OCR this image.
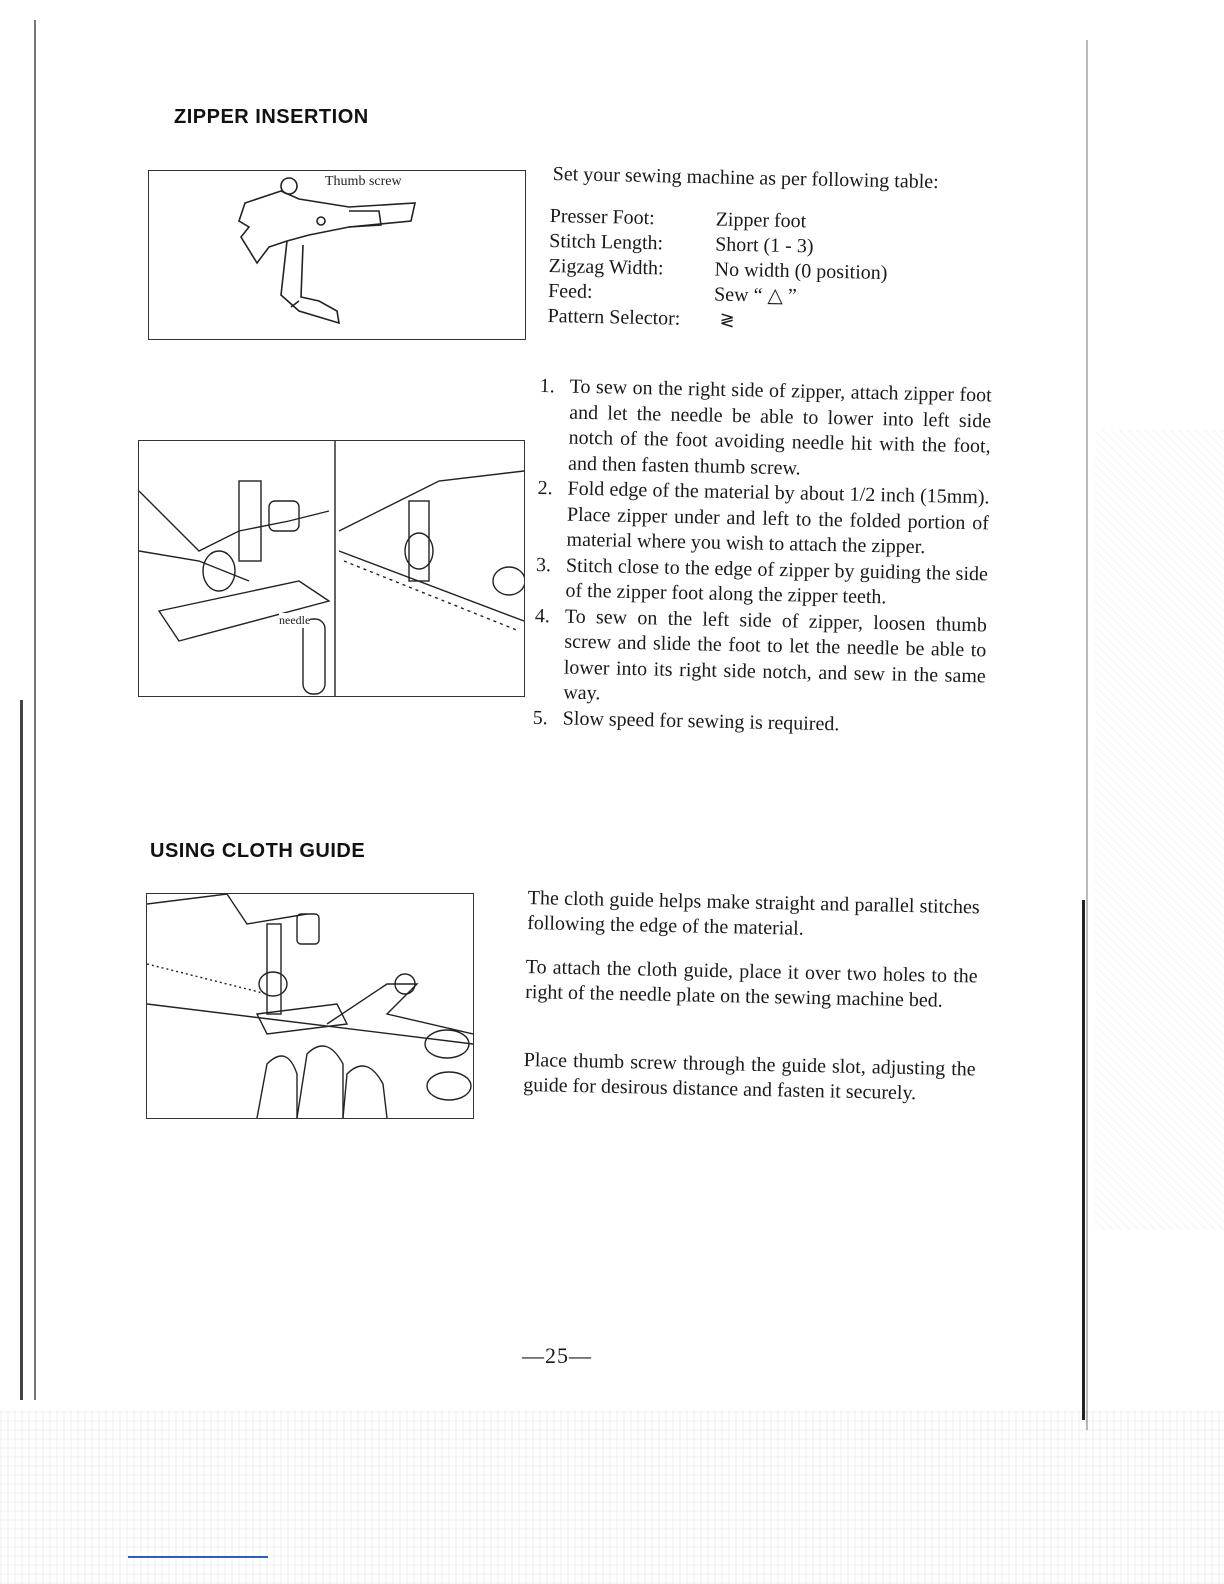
ZIPPER INSERTION
Thumb screw
needle
Set your sewing machine as per following table:
Presser Foot:	Zipper foot
Stitch Length:	Short (1 - 3)
Zigzag Width:	No width (0 position)
Feed:	Sew “ △ ”
Pattern Selector:	≷
1. To sew on the right side of zipper, attach zipper foot and let the needle be able to lower into left side notch of the foot avoiding needle hit with the foot, and then fasten thumb screw.
2. Fold edge of the material by about 1/2 inch (15mm). Place zipper under and left to the folded portion of material where you wish to attach the zipper.
3. Stitch close to the edge of zipper by guiding the side of the zipper foot along the zipper teeth.
4. To sew on the left side of zipper, loosen thumb screw and slide the foot to let the needle be able to lower into its right side notch, and sew in the same way.
5. Slow speed for sewing is required.
USING CLOTH GUIDE
The cloth guide helps make straight and parallel stitches following the edge of the material.
To attach the cloth guide, place it over two holes to the right of the needle plate on the sewing machine bed.
Place thumb screw through the guide slot, adjusting the guide for desirous distance and fasten it securely.
—25—
